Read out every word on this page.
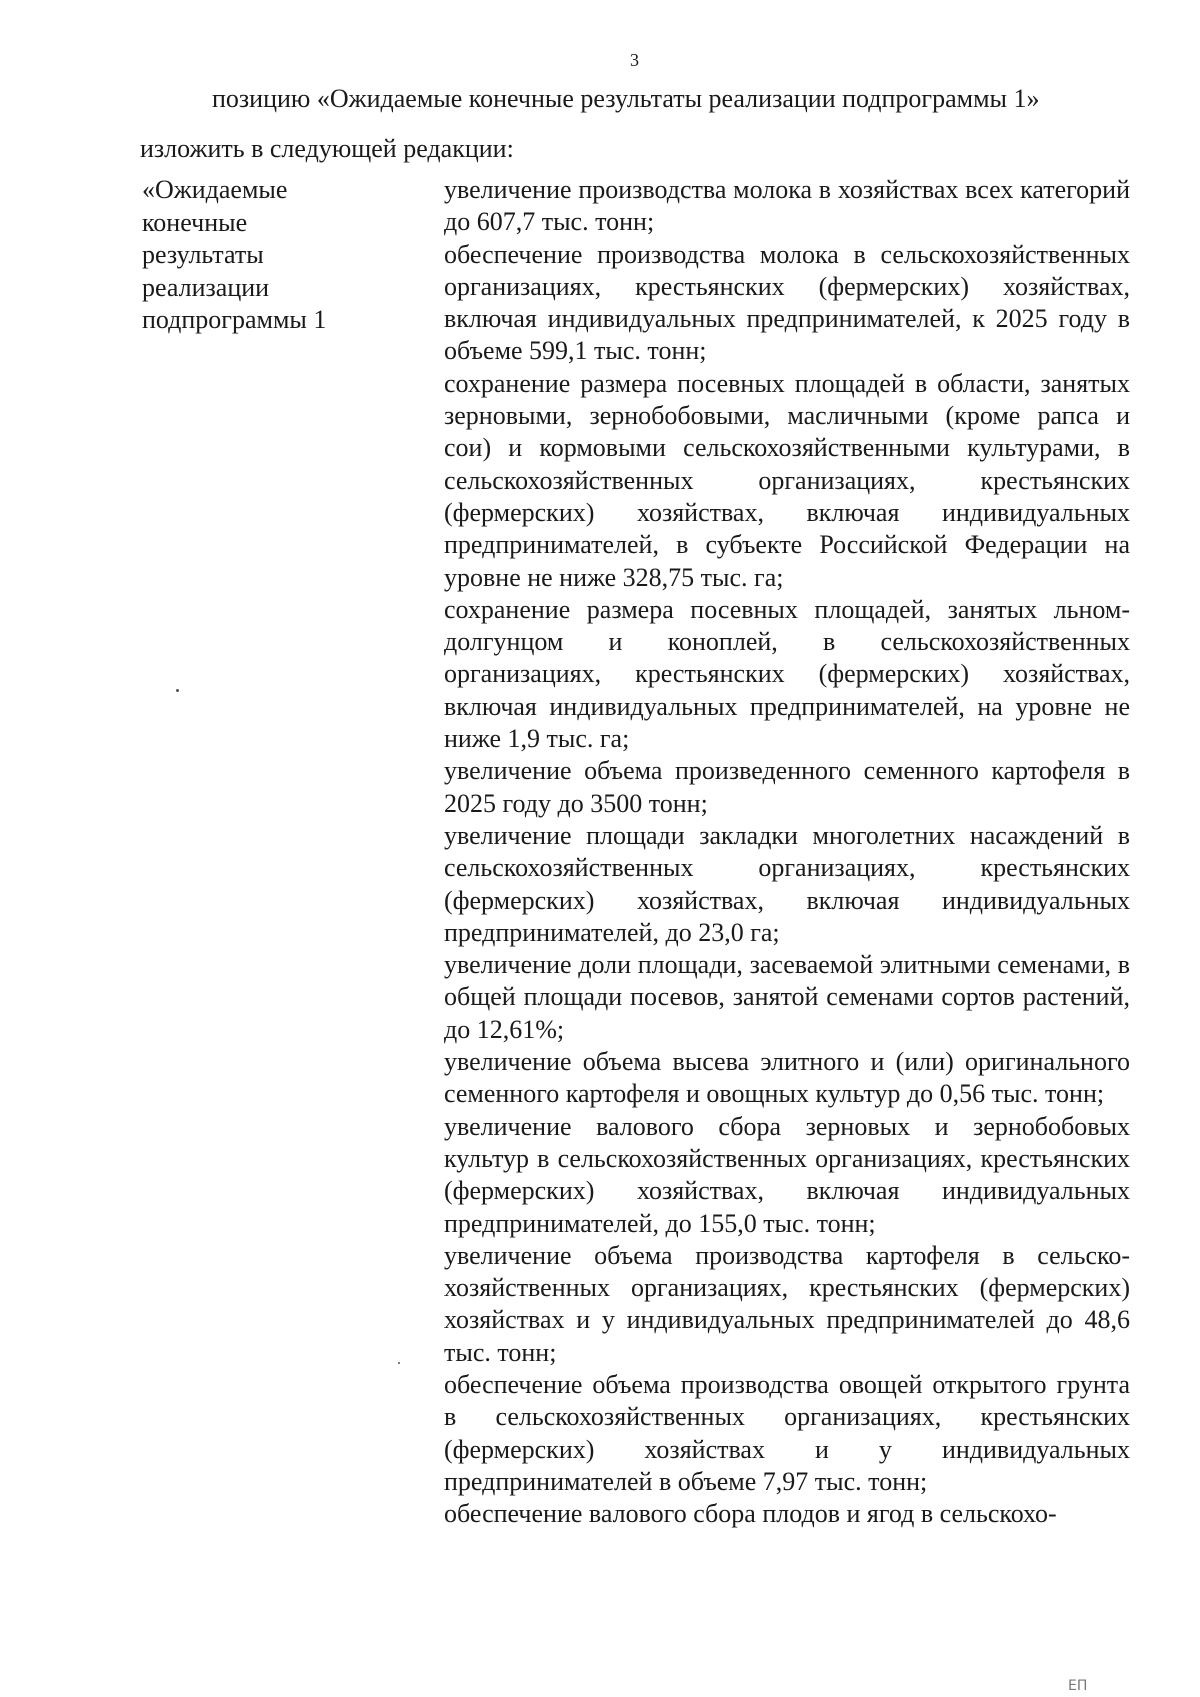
3
позицию «Ожидаемые конечные результаты реализации подпрограммы 1»
изложить в следующей редакции:
«Ожидаемые
конечные
результаты
реализации
подпрограммы 1
увеличение производства молока в хозяйствах всех категорий до 607,7 тыс. тонн;
обеспечение производства молока в сельскохозяйственных организациях, крестьянских (фермерских) хозяйствах, включая индивидуальных предпринимателей, к 2025 году в объеме 599,1 тыс. тонн;
сохранение размера посевных площадей в области, занятых зерновыми, зернобобовыми, масличными (кроме рапса и сои) и кормовыми сельскохозяйственными культурами, в сельскохозяйственных организациях, крестьянских (фермерских) хозяйствах, включая индивидуальных предпринимателей, в субъекте Российской Федерации на уровне не ниже 328,75 тыс. га;
сохранение размера посевных площадей, занятых льном-долгунцом и коноплей, в сельскохозяйственных организациях, крестьянских (фермерских) хозяйствах, включая индивидуальных предпринимателей, на уровне не ниже 1,9 тыс. га;
увеличение объема произведенного семенного картофеля в 2025 году до 3500 тонн;
увеличение площади закладки многолетних насаждений в сельскохозяйственных организациях, крестьянских (фермерских) хозяйствах, включая индивидуальных предпринимателей, до 23,0 га;
увеличение доли площади, засеваемой элитными семенами, в общей площади посевов, занятой семенами сортов растений, до 12,61%;
увеличение объема высева элитного и (или) оригинального семенного картофеля и овощных культур до 0,56 тыс. тонн;
увеличение валового сбора зерновых и зернобобовых культур в сельскохозяйственных организациях, крестьянских (фермерских) хозяйствах, включая индивидуальных предпринимателей, до 155,0 тыс. тонн;
увеличение объема производства картофеля в сельскохозяйственных организациях, крестьянских (фермерских) хозяйствах и у индивидуальных предпринимателей до 48,6 тыс. тонн;
обеспечение объема производства овощей открытого грунта в сельскохозяйственных организациях, крестьянских (фермерских) хозяйствах и у индивидуальных предпринимателей в объеме 7,97 тыс. тонн;
обеспечение валового сбора плодов и ягод в сельскохо-
ЕП
